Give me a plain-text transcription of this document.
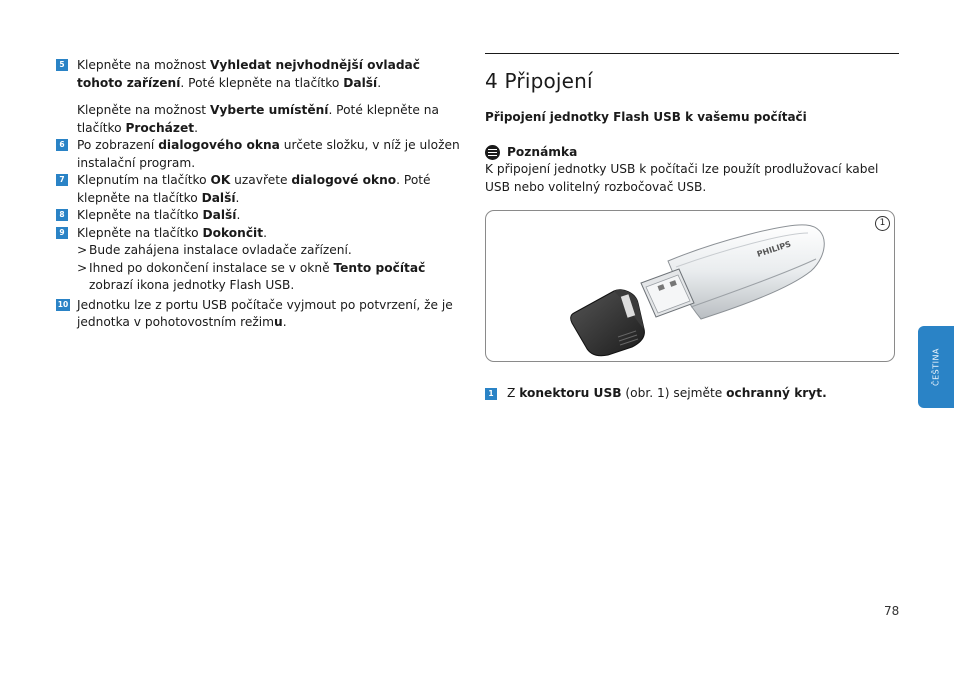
5 Klepněte na možnost Vyhledat nejvhodnější ovladač tohoto zařízení. Poté klepněte na tlačítko Další.
Klepněte na možnost Vyberte umístění. Poté klepněte na tlačítko Procházet.
6 Po zobrazení dialogového okna určete složku, v níž je uložen instalační program.
7 Klepnutím na tlačítko OK uzavřete dialogové okno. Poté klepněte na tlačítko Další.
8 Klepněte na tlačítko Další.
9 Klepněte na tlačítko Dokončit.
> Bude zahájena instalace ovladače zařízení.
> Ihned po dokončení instalace se v okně Tento počítač zobrazí ikona jednotky Flash USB.
10 Jednotku lze z portu USB počítače vyjmout po potvrzení, že je jednotka v pohotovostním režimu.
4 Připojení
Připojení jednotky Flash USB k vašemu počítači
Poznámka
K připojení jednotky USB k počítači lze použít prodlužovací kabel USB nebo volitelný rozbočovač USB.
1
PHILIPS
1 Z konektoru USB (obr. 1) sejměte ochranný kryt.
ČEŠTINA
78
